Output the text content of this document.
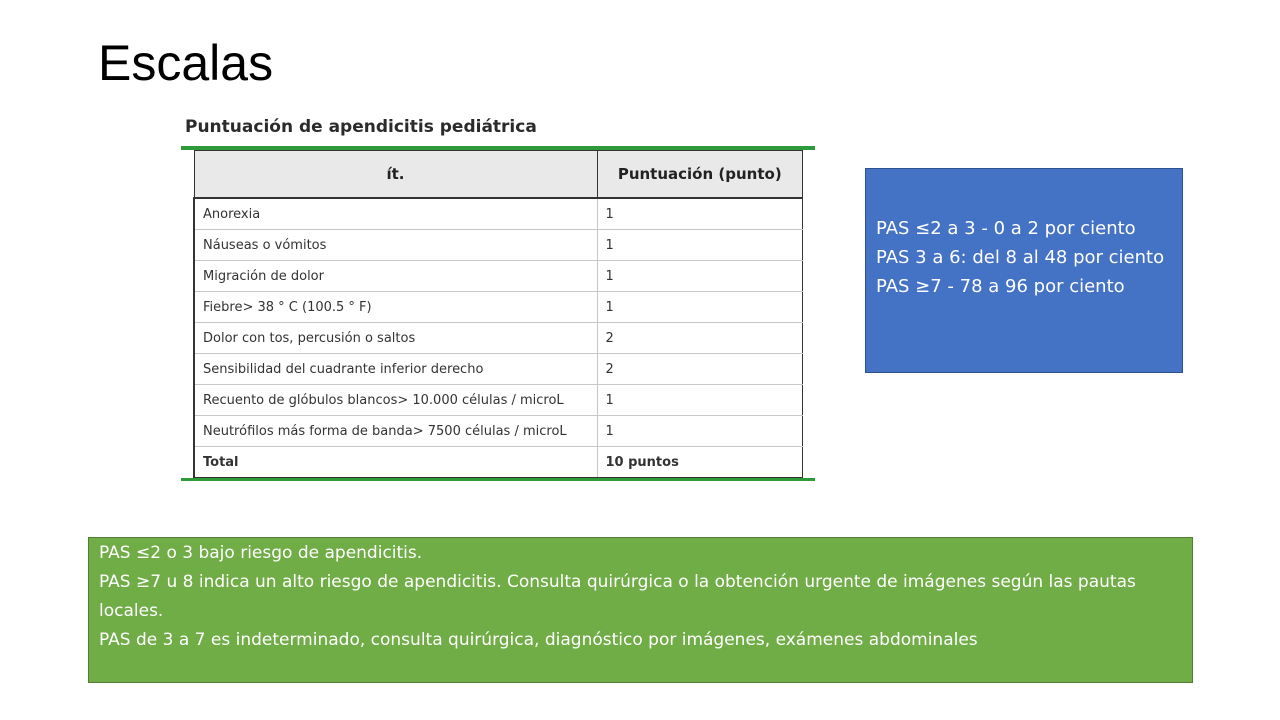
Escalas
Puntuación de apendicitis pediátrica
ít.	Puntuación (punto)
Anorexia	1
Náuseas o vómitos	1
Migración de dolor	1
Fiebre> 38 ° C (100.5 ° F)	1
Dolor con tos, percusión o saltos	2
Sensibilidad del cuadrante inferior derecho	2
Recuento de glóbulos blancos> 10.000 células / microL	1
Neutrófilos más forma de banda> 7500 células / microL	1
Total	10 puntos
PAS ≤2 a 3 - 0 a 2 por ciento
PAS 3 a 6: del 8 al 48 por ciento
PAS ≥7 - 78 a 96 por ciento
PAS ≤2 o 3 bajo riesgo de apendicitis.
PAS ≥7 u 8 indica un alto riesgo de apendicitis. Consulta quirúrgica o la obtención urgente de imágenes según las pautas locales.
PAS de 3 a 7 es indeterminado, consulta quirúrgica, diagnóstico por imágenes, exámenes abdominales
